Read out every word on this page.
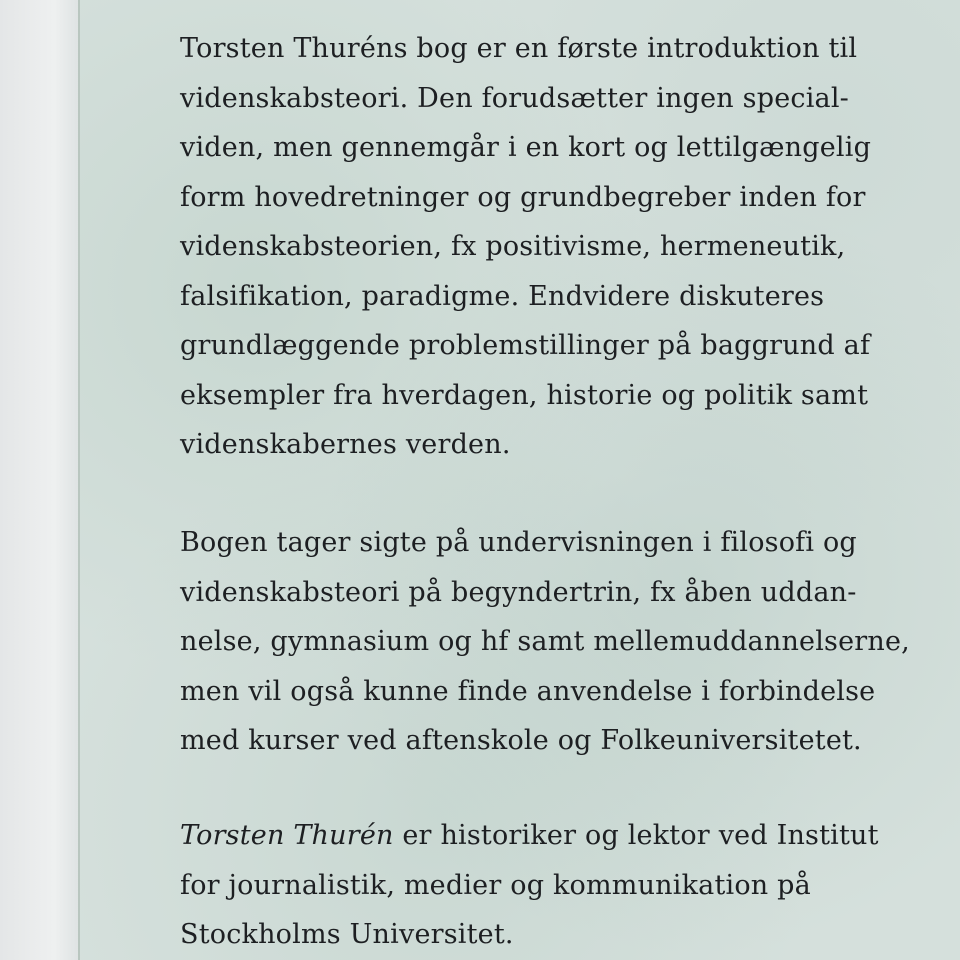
Torsten Thuréns bog er en første introduktion til
videnskabsteori. Den forudsætter ingen special-
viden, men gennemgår i en kort og lettilgængelig
form hovedretninger og grundbegreber inden for
videnskabsteorien, fx positivisme, hermeneutik,
falsifikation, paradigme. Endvidere diskuteres
grundlæggende problemstillinger på baggrund af
eksempler fra hverdagen, historie og politik samt
videnskabernes verden.

Bogen tager sigte på undervisningen i filosofi og
videnskabsteori på begyndertrin, fx åben uddan-
nelse, gymnasium og hf samt mellemuddannelserne,
men vil også kunne finde anvendelse i forbindelse
med kurser ved aftenskole og Folkeuniversitetet.

Torsten Thurén er historiker og lektor ved Institut
for journalistik, medier og kommunikation på
Stockholms Universitet.
